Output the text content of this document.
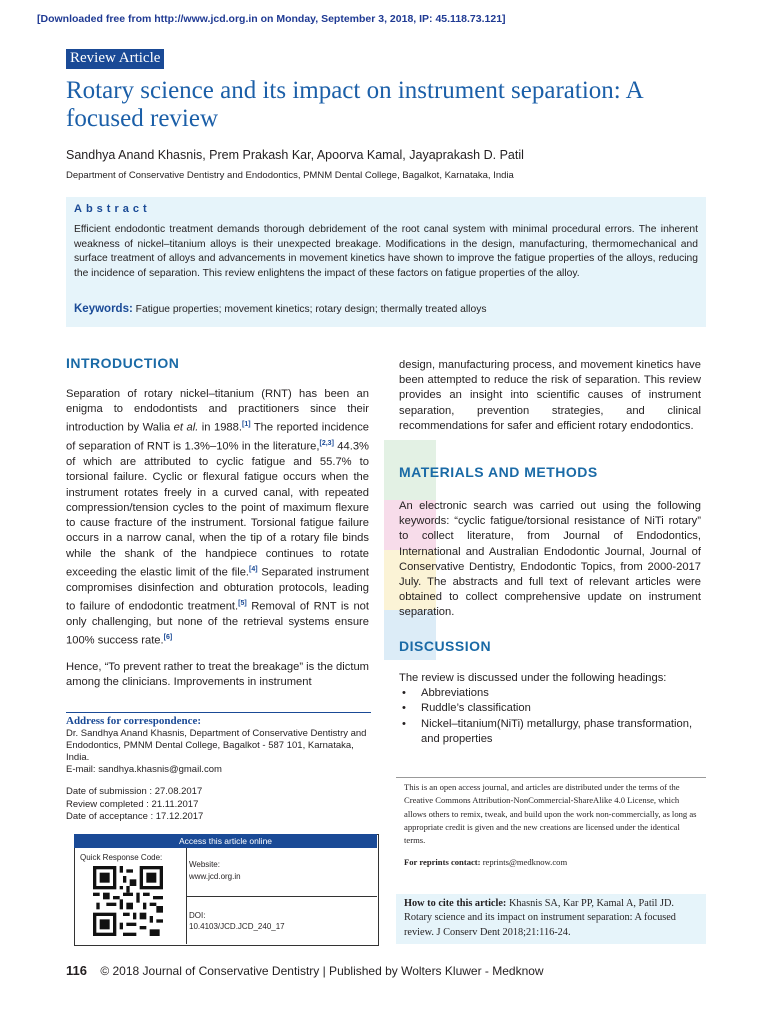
[Downloaded free from http://www.jcd.org.in on Monday, September 3, 2018, IP: 45.118.73.121]
Review Article
Rotary science and its impact on instrument separation: A focused review
Sandhya Anand Khasnis, Prem Prakash Kar, Apoorva Kamal, Jayaprakash D. Patil
Department of Conservative Dentistry and Endodontics, PMNM Dental College, Bagalkot, Karnataka, India
Abstract
Efficient endodontic treatment demands thorough debridement of the root canal system with minimal procedural errors. The inherent weakness of nickel–titanium alloys is their unexpected breakage. Modifications in the design, manufacturing, thermomechanical and surface treatment of alloys and advancements in movement kinetics have shown to improve the fatigue properties of the alloys, reducing the incidence of separation. This review enlightens the impact of these factors on fatigue properties of the alloy.
Keywords: Fatigue properties; movement kinetics; rotary design; thermally treated alloys
INTRODUCTION

Separation of rotary nickel–titanium (RNT) has been an enigma to endodontists and practitioners since their introduction by Walia et al. in 1988.[1] The reported incidence of separation of RNT is 1.3%–10% in the literature,[2,3] 44.3% of which are attributed to cyclic fatigue and 55.7% to torsional failure. Cyclic or flexural fatigue occurs when the instrument rotates freely in a curved canal, with repeated compression/tension cycles to the point of maximum flexure to cause fracture of the instrument. Torsional fatigue failure occurs in a narrow canal, when the tip of a rotary file binds while the shank of the handpiece continues to rotate exceeding the elastic limit of the file.[4] Separated instrument compromises disinfection and obturation protocols, leading to failure of endodontic treatment.[5] Removal of RNT is not only challenging, but none of the retrieval systems ensure 100% success rate.[6]

Hence, “To prevent rather to treat the breakage” is the dictum among the clinicians. Improvements in instrument

Address for correspondence:
Dr. Sandhya Anand Khasnis, Department of Conservative Dentistry and Endodontics, PMNM Dental College, Bagalkot - 587 101, Karnataka, India.
E-mail: sandhya.khasnis@gmail.com
Date of submission : 27.08.2017
Review completed : 21.11.2017
Date of acceptance : 17.12.2017
Access this article online
Quick Response Code:
Website:
www.jcd.org.in
DOI:
10.4103/JCD.JCD_240_17
design, manufacturing process, and movement kinetics have been attempted to reduce the risk of separation. This review provides an insight into scientific causes of instrument separation, prevention strategies, and clinical recommendations for safer and efficient rotary endodontics.
MATERIALS AND METHODS
An electronic search was carried out using the following keywords: “cyclic fatigue/torsional resistance of NiTi rotary” to collect literature, from Journal of Endodontics, International and Australian Endodontic Journal, Journal of Conservative Dentistry, Endodontic Topics, from 2000-2017 July. The abstracts and full text of relevant articles were obtained to collect comprehensive update on instrument separation.
DISCUSSION
The review is discussed under the following headings:
• Abbreviations
• Ruddle’s classification
• Nickel–titanium(NiTi) metallurgy, phase transformation, and properties
This is an open access journal, and articles are distributed under the terms of the Creative Commons Attribution-NonCommercial-ShareAlike 4.0 License, which allows others to remix, tweak, and build upon the work non-commercially, as long as appropriate credit is given and the new creations are licensed under the identical terms.
For reprints contact: reprints@medknow.com
How to cite this article: Khasnis SA, Kar PP, Kamal A, Patil JD. Rotary science and its impact on instrument separation: A focused review. J Conserv Dent 2018;21:116-24.
116 © 2018 Journal of Conservative Dentistry | Published by Wolters Kluwer - Medknow
